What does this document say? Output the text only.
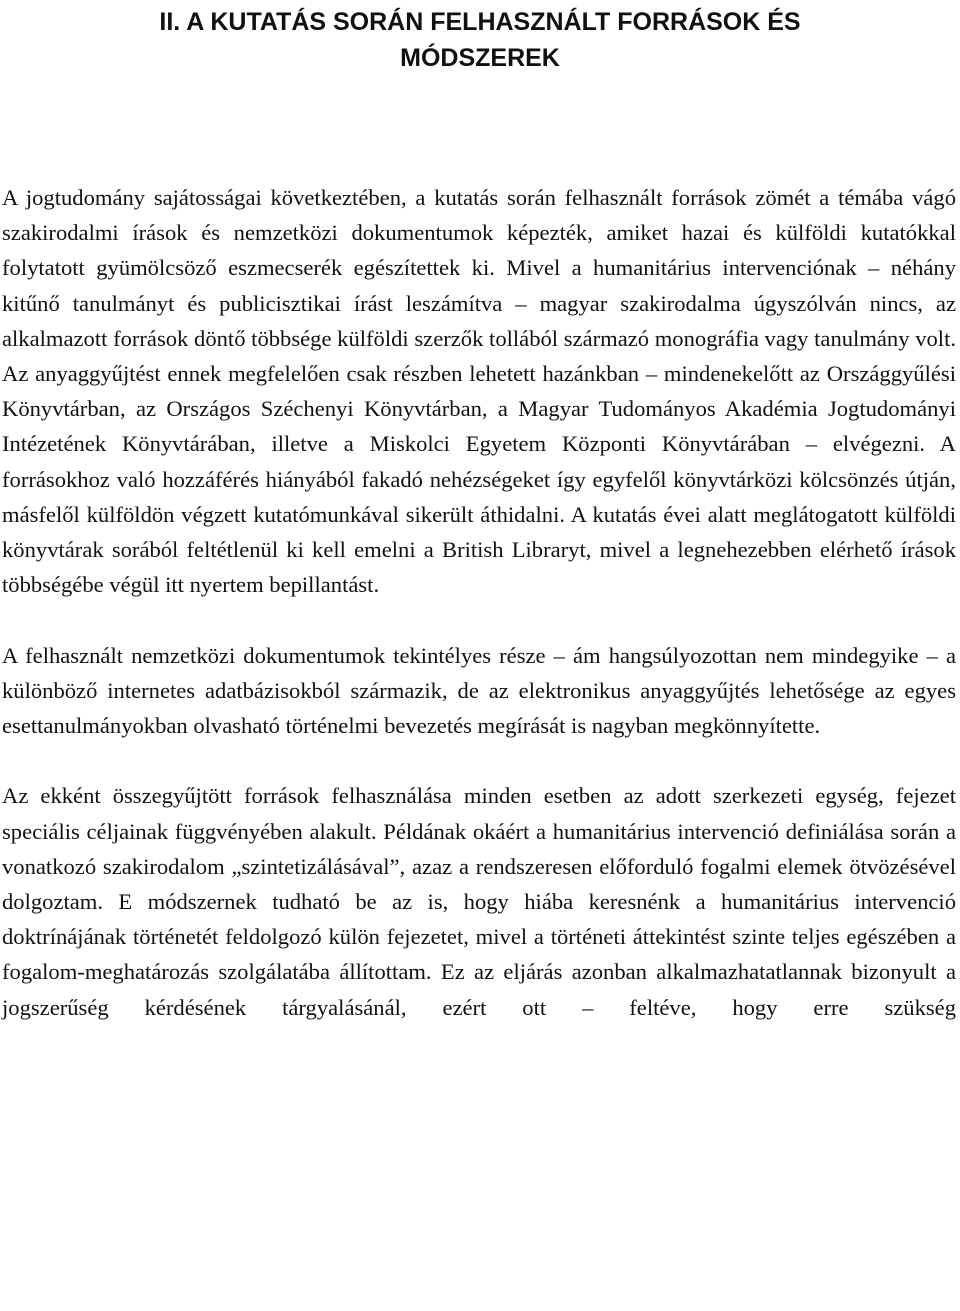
II. A KUTATÁS SORÁN FELHASZNÁLT FORRÁSOK ÉS
MÓDSZEREK

A jogtudomány sajátosságai következtében, a kutatás során felhasznált források zömét a témába vágó szakirodalmi írások és nemzetközi dokumentumok képezték, amiket hazai és külföldi kutatókkal folytatott gyümölcsöző eszmecserék egészítettek ki. Mivel a humanitárius intervenciónak – néhány kitűnő tanulmányt és publicisztikai írást leszámítva – magyar szakirodalma úgyszólván nincs, az alkalmazott források döntő többsége külföldi szerzők tollából származó monográfia vagy tanulmány volt. Az anyaggyűjtést ennek megfelelően csak részben lehetett hazánkban – mindenekelőtt az Országgyűlési Könyvtárban, az Országos Széchenyi Könyvtárban, a Magyar Tudományos Akadémia Jogtudományi Intézetének Könyvtárában, illetve a Miskolci Egyetem Központi Könyvtárában – elvégezni. A forrásokhoz való hozzáférés hiányából fakadó nehézségeket így egyfelől könyvtárközi kölcsönzés útján, másfelől külföldön végzett kutatómunkával sikerült áthidalni. A kutatás évei alatt meglátogatott külföldi könyvtárak sorából feltétlenül ki kell emelni a British Libraryt, mivel a legnehezebben elérhető írások többségébe végül itt nyertem bepillantást.

A felhasznált nemzetközi dokumentumok tekintélyes része – ám hangsúlyozottan nem mindegyike – a különböző internetes adatbázisokból származik, de az elektronikus anyaggyűjtés lehetősége az egyes esettanulmányokban olvasható történelmi bevezetés megírását is nagyban megkönnyítette.

Az ekként összegyűjtött források felhasználása minden esetben az adott szerkezeti egység, fejezet speciális céljainak függvényében alakult. Példának okáért a humanitárius intervenció definiálása során a vonatkozó szakirodalom „szintetizálásával”, azaz a rendszeresen előforduló fogalmi elemek ötvözésével dolgoztam. E módszernek tudható be az is, hogy hiába keresnénk a humanitárius intervenció doktrínájának történetét feldolgozó külön fejezetet, mivel a történeti áttekintést szinte teljes egészében a fogalom-meghatározás szolgálatába állítottam. Ez az eljárás azonban alkalmazhatatlannak bizonyult a jogszerűség kérdésének tárgyalásánál, ezért ott – feltéve, hogy erre szükség
